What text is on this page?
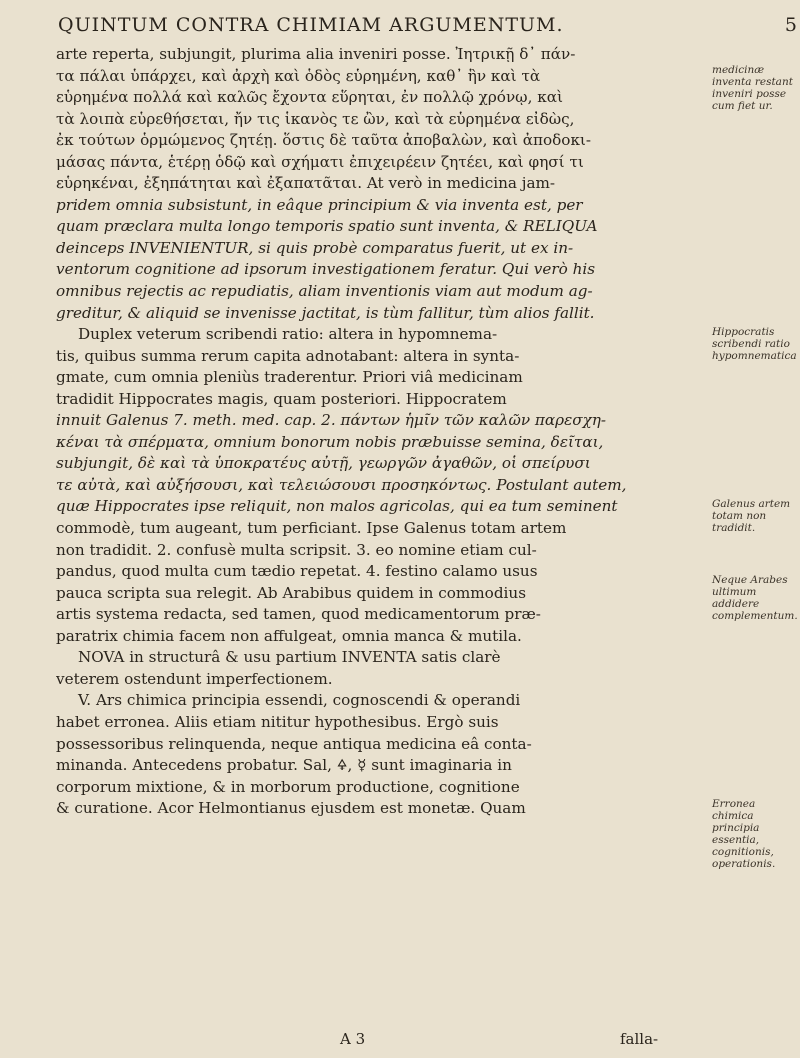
QUINTUM CONTRA CHIMIAM ARGUMENTUM.	5
arte reperta, subjungit, plurima alia inveniri posse. Ἰητρικῇ δ᾽ πάν-
τα πάλαι ὑπάρχει, καὶ ἀρχὴ καὶ ὁδὸς εὑρημένη, καθ᾽ ἣν καὶ τὰ
εὑρημένα πολλά καὶ καλῶς ἔχοντα εὕρηται, ἐν πολλῷ χρόνῳ, καὶ
τὰ λοιπὰ εὑρεθήσεται, ἤν τις ἱκανὸς τε ὢν, καὶ τὰ εὑρημένα εἰδὼς,
ἐκ τούτων ὁρμώμενος ζητέῃ. ὅστις δὲ ταῦτα ἀποβαλὼν, καὶ ἀποδοκι-
μάσας πάντα, ἑτέρῃ ὁδῷ καὶ σχήματι ἐπιχειρέειν ζητέει, καὶ φησί τι
εὑρηκέναι, ἐξηπάτηται καὶ ἐξαπατᾶται. At verò in medicina jam-
pridem omnia subsistunt, in eâque principium & via inventa est, per
quam præclara multa longo temporis spatio sunt inventa, & RELIQUA
deinceps INVENIENTUR, si quis probè comparatus fuerit, ut ex in-
ventorum cognitione ad ipsorum investigationem feratur. Qui verò his
omnibus rejectis ac repudiatis, aliam inventionis viam aut modum ag-
greditur, & aliquid se invenisse jactitat, is tùm fallitur, tùm alios fallit.
Duplex veterum scribendi ratio: altera in hypomnema-
tis, quibus summa rerum capita adnotabant: altera in synta-
gmate, cum omnia pleniùs traderentur. Priori viâ medicinam
tradidit Hippocrates magis, quam posteriori. Hippocratem
innuit Galenus 7. meth. med. cap. 2. πάντων ἡμῖν τῶν καλῶν παρεσχη-
κέναι τὰ σπέρματα, omnium bonorum nobis præbuisse semina, δεῖται,
subjungit, δὲ καὶ τὰ ὑποκρατέυς αὐτῇ, γεωργῶν ἀγαθῶν, οἱ σπείρυσι
τε αὐτὰ, καὶ αὐξήσουσι, καὶ τελειώσουσι προσηκόντως. Postulant autem,
quæ Hippocrates ipse reliquit, non malos agricolas, qui ea tum seminent
commodè, tum augeant, tum perficiant. Ipse Galenus totam artem
non tradidit. 2. confusè multa scripsit. 3. eo nomine etiam cul-
pandus, quod multa cum tædio repetat. 4. festino calamo usus
pauca scripta sua relegit. Ab Arabibus quidem in commodius
artis systema redacta, sed tamen, quod medicamentorum præ-
paratrix chimia facem non affulgeat, omnia manca & mutila.
NOVA in structurâ & usu partium INVENTA satis clarè
veterem ostendunt imperfectionem.
V. Ars chimica principia essendi, cognoscendi & operandi
habet erronea. Aliis etiam nititur hypothesibus. Ergò suis
possessoribus relinquenda, neque antiqua medicina eâ conta-
minanda. Antecedens probatur. Sal, 🜍, ☿ sunt imaginaria in
corporum mixtione, & in morborum productione, cognitione
& curatione. Acor Helmontianus ejusdem est monetæ. Quam
medicinæ inventa restant inveniri posse cum fiet ur.
Hippocratis scribendi ratio hypomnematica
Galenus artem totam non tradidit.
Neque Arabes ultimum addidere complementum.
Erronea chimica principia essentia, cognitionis, operationis.
A 3	falla-
